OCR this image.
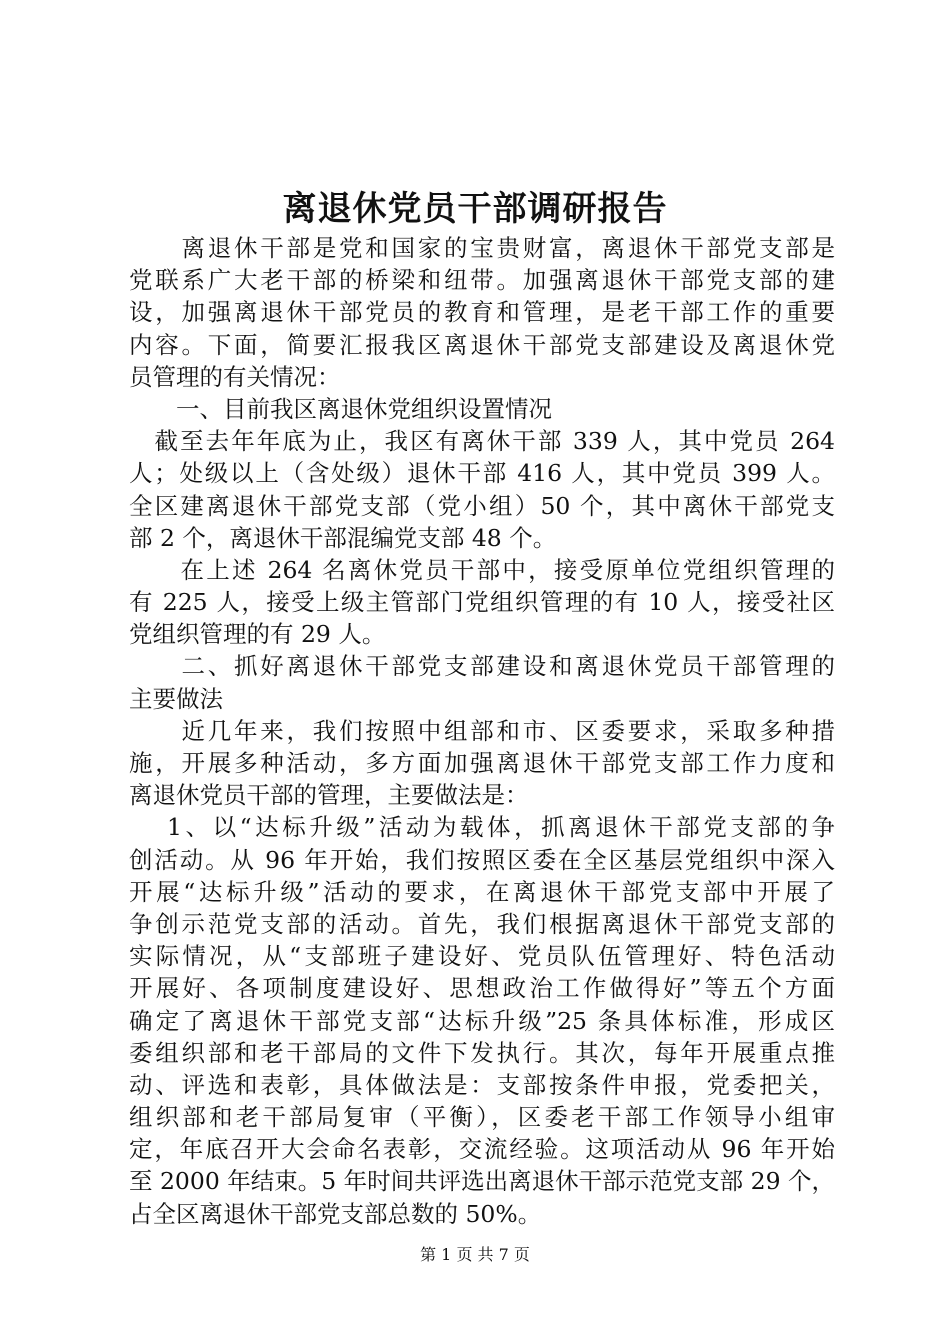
离退休党员干部调研报告
　　离退休干部是党和国家的宝贵财富，离退休干部党支部是
党联系广大老干部的桥梁和纽带。加强离退休干部党支部的建
设，加强离退休干部党员的教育和管理，是老干部工作的重要
内容。下面，简要汇报我区离退休干部党支部建设及离退休党
员管理的有关情况：
　　一、目前我区离退休党组织设置情况
　截至去年年底为止，我区有离休干部 339 人，其中党员 264
人；处级以上（含处级）退休干部 416 人，其中党员 399 人。
全区建离退休干部党支部（党小组）50 个，其中离休干部党支
部 2 个，离退休干部混编党支部 48 个。
　　在上述 264 名离休党员干部中，接受原单位党组织管理的
有 225 人，接受上级主管部门党组织管理的有 10 人，接受社区
党组织管理的有 29 人。
　　二、抓好离退休干部党支部建设和离退休党员干部管理的
主要做法
　　近几年来，我们按照中组部和市、区委要求，采取多种措
施，开展多种活动，多方面加强离退休干部党支部工作力度和
离退休党员干部的管理，主要做法是：
　 1、以“达标升级”活动为载体，抓离退休干部党支部的争
创活动。从 96 年开始，我们按照区委在全区基层党组织中深入
开展“达标升级”活动的要求，在离退休干部党支部中开展了
争创示范党支部的活动。首先，我们根据离退休干部党支部的
实际情况，从“支部班子建设好、党员队伍管理好、特色活动
开展好、各项制度建设好、思想政治工作做得好”等五个方面
确定了离退休干部党支部“达标升级”25 条具体标准，形成区
委组织部和老干部局的文件下发执行。其次，每年开展重点推
动、评选和表彰，具体做法是：支部按条件申报，党委把关，
组织部和老干部局复审（平衡），区委老干部工作领导小组审
定，年底召开大会命名表彰，交流经验。这项活动从 96 年开始
至 2000 年结束。5 年时间共评选出离退休干部示范党支部 29 个，
占全区离退休干部党支部总数的 50%。
第 1 页 共 7 页
